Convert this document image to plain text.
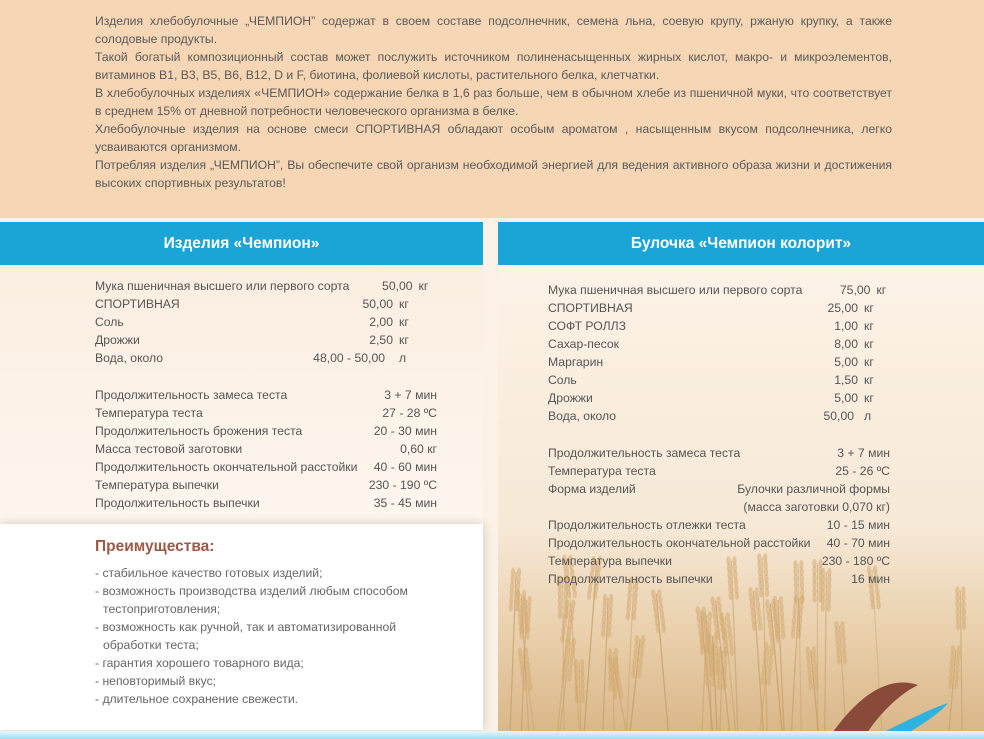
Изделия хлебобулочные „ЧЕМПИОН” содержат в своем составе подсолнечник, семена льна, соевую крупу, ржаную крупку, а также солодовые продукты.

Такой богатый композиционный состав может послужить источником полиненасыщенных жирных кислот, макро- и микроэлементов, витаминов В1, В3, В5, В6, В12, D и F, биотина, фолиевой кислоты, растительного белка, клетчатки.

В хлебобулочных изделиях «ЧЕМПИОН» содержание белка в 1,6 раз больше, чем в обычном хлебе из пшеничной муки, что соответствует в среднем 15% от дневной потребности человеческого организма в белке.

Хлебобулочные изделия на основе смеси СПОРТИВНАЯ обладают особым ароматом , насыщенным вкусом подсолнечника, легко усваиваются организмом.

Потребляя изделия „ЧЕМПИОН”, Вы обеспечите свой организм необходимой энергией для ведения активного образа жизни и достижения высоких спортивных результатов!

Изделия «Чемпион»	Булочка «Чемпион колорит»
Мука пшеничная высшего или первого сорта	50,00 кг
СПОРТИВНАЯ	50,00 кг
Соль	2,00 кг
Дрожжи	2,50 кг
Вода, около	48,00 - 50,00	л
Продолжительность замеса теста	3 + 7 мин
Температура теста	27 - 28 ºС
Продолжительность брожения теста	20 - 30 мин
Масса тестовой заготовки	0,60 кг
Продолжительность окончательной расстойки	40 - 60 мин
Температура выпечки	230 - 190 ºС
Продолжительность выпечки	35 - 45 мин
Мука пшеничная высшего или первого сорта	75,00 кг
СПОРТИВНАЯ	25,00 кг
СОФТ РОЛЛЗ	1,00 кг
Сахар-песок	8,00 кг
Маргарин	5,00 кг
Соль	1,50 кг
Дрожжи	5,00 кг
Вода, около	50,00 л
Продолжительность замеса теста	3 + 7 мин
Температура теста	25 - 26 ºС
Форма изделий	Булочки различной формы
(масса заготовки 0,070 кг)
Продолжительность отлежки теста	10 - 15 мин
Продолжительность окончательной расстойки	40 - 70 мин
Температура выпечки	230 - 180 ºС
Продолжительность выпечки	16 мин
Преимущества:
- стабильное качество готовых изделий;
- возможность производства изделий любым способом
тестоприготовления;
- возможность как ручной, так и автоматизированной
обработки теста;
- гарантия хорошего товарного вида;
- неповторимый вкус;
- длительное сохранение свежести.
